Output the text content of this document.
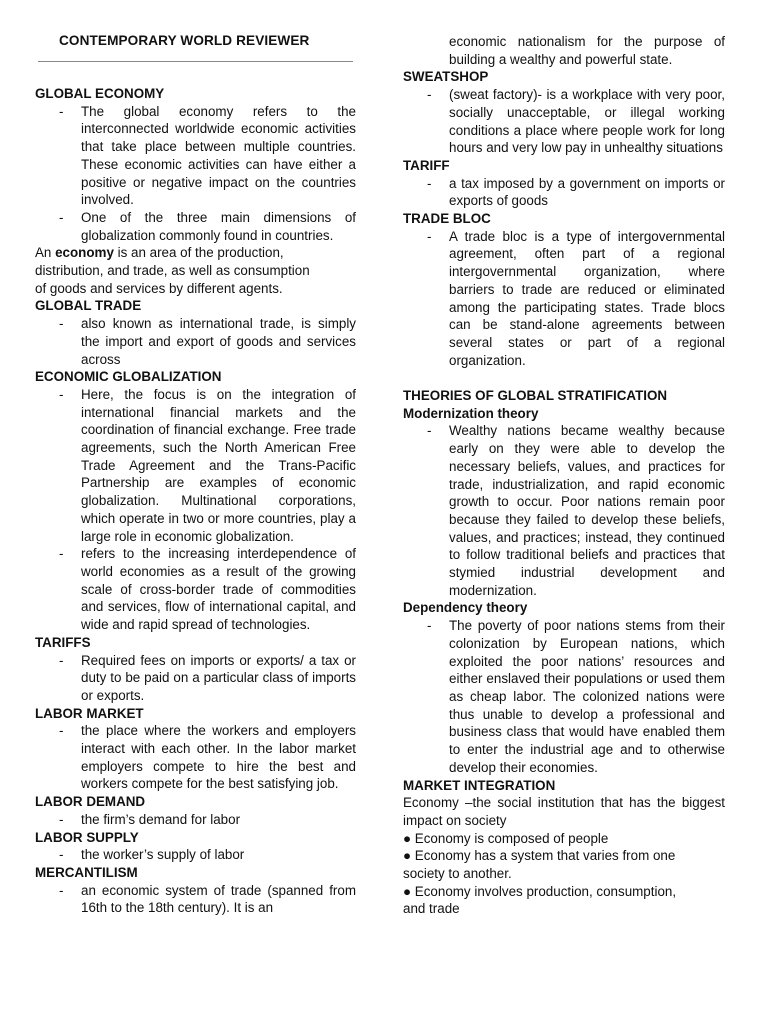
CONTEMPORARY WORLD REVIEWER
GLOBAL ECONOMY
-	The global economy refers to the interconnected worldwide economic activities that take place between multiple countries. These economic activities can have either a positive or negative impact on the countries involved.
-	One of the three main dimensions of globalization commonly found in countries.
An economy is an area of the production,
distribution, and trade, as well as consumption
of goods and services by different agents.
GLOBAL TRADE
-	also known as international trade, is simply the import and export of goods and services across
ECONOMIC GLOBALIZATION
-	Here, the focus is on the integration of international financial markets and the coordination of financial exchange. Free trade agreements, such the North American Free Trade Agreement and the Trans-Pacific Partnership are examples of economic globalization. Multinational corporations, which operate in two or more countries, play a large role in economic globalization.
-	refers to the increasing interdependence of world economies as a result of the growing scale of cross-border trade of commodities and services, flow of international capital, and wide and rapid spread of technologies.
TARIFFS
-	Required fees on imports or exports/ a tax or duty to be paid on a particular class of imports or exports.
LABOR MARKET
-	the place where the workers and employers interact with each other. In the labor market employers compete to hire the best and workers compete for the best satisfying job.
LABOR DEMAND
-	the firm’s demand for labor
LABOR SUPPLY
-	the worker’s supply of labor
MERCANTILISM
-	an economic system of trade (spanned from 16th to the 18th century). It is an
economic nationalism for the purpose of building a wealthy and powerful state.
SWEATSHOP
-	(sweat factory)- is a workplace with very poor, socially unacceptable, or illegal working conditions a place where people work for long hours and very low pay in unhealthy situations
TARIFF
-	a tax imposed by a government on imports or exports of goods
TRADE BLOC
-	A trade bloc is a type of intergovernmental agreement, often part of a regional intergovernmental organization, where barriers to trade are reduced or eliminated among the participating states. Trade blocs can be stand-alone agreements between several states or part of a regional organization.
THEORIES OF GLOBAL STRATIFICATION
Modernization theory
-	Wealthy nations became wealthy because early on they were able to develop the necessary beliefs, values, and practices for trade, industrialization, and rapid economic growth to occur. Poor nations remain poor because they failed to develop these beliefs, values, and practices; instead, they continued to follow traditional beliefs and practices that stymied industrial development and modernization.
Dependency theory
-	The poverty of poor nations stems from their colonization by European nations, which exploited the poor nations’ resources and either enslaved their populations or used them as cheap labor. The colonized nations were thus unable to develop a professional and business class that would have enabled them to enter the industrial age and to otherwise develop their economies.
MARKET INTEGRATION
Economy –the social institution that has the biggest impact on society
● Economy is composed of people
● Economy has a system that varies from one
society to another.
● Economy involves production, consumption,
and trade
